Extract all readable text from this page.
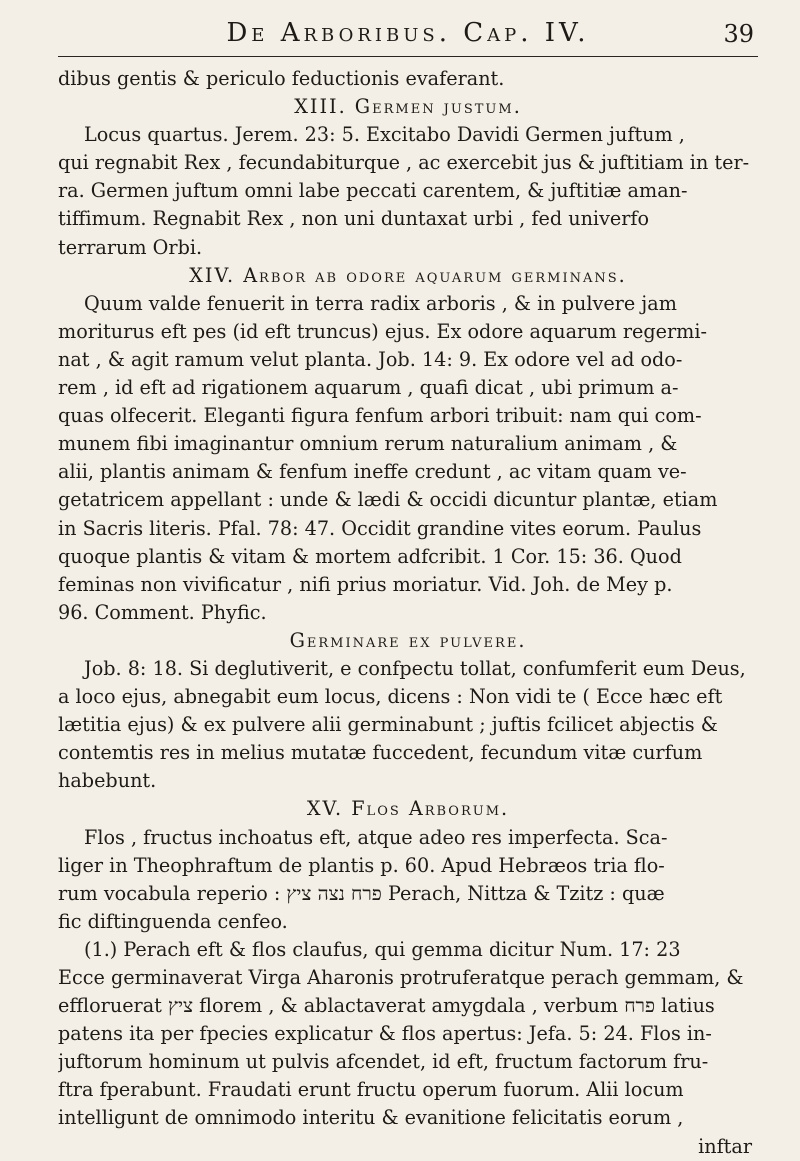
De Arboribus. Cap. IV.	39
dibus gentis & periculo feductionis evaferant.
XIII. Germen justum.
Locus quartus. Jerem. 23: 5. Excitabo Davidi Germen juftum ,
qui regnabit Rex , fecundabiturque , ac exercebit jus & juftitiam in ter-
ra. Germen juftum omni labe peccati carentem, & juftitiæ aman-
tiffimum. Regnabit Rex , non uni duntaxat urbi , fed univerfo
terrarum Orbi.
XIV. Arbor ab odore aquarum germinans.
Quum valde fenuerit in terra radix arboris , & in pulvere jam
moriturus eft pes (id eft truncus) ejus. Ex odore aquarum regermi-
nat , & agit ramum velut planta. Job. 14: 9. Ex odore vel ad odo-
rem , id eft ad rigationem aquarum , quafi dicat , ubi primum a-
quas olfecerit. Eleganti figura fenfum arbori tribuit: nam qui com-
munem fibi imaginantur omnium rerum naturalium animam , &
alii, plantis animam & fenfum ineffe credunt , ac vitam quam ve-
getatricem appellant : unde & lædi & occidi dicuntur plantæ, etiam
in Sacris literis. Pfal. 78: 47. Occidit grandine vites eorum. Paulus
quoque plantis & vitam & mortem adfcribit. 1 Cor. 15: 36. Quod
feminas non vivificatur , nifi prius moriatur. Vid. Joh. de Mey p.
96. Comment. Phyfic.
Germinare ex pulvere.
Job. 8: 18. Si deglutiverit, e confpectu tollat, confumferit eum Deus,
a loco ejus, abnegabit eum locus, dicens : Non vidi te ( Ecce hæc eft
lætitia ejus) & ex pulvere alii germinabunt ; juftis fcilicet abjectis &
contemtis res in melius mutatæ fuccedent, fecundum vitæ curfum
habebunt.
XV. Flos Arborum.
Flos , fructus inchoatus eft, atque adeo res imperfecta. Sca-
liger in Theophraftum de plantis p. 60. Apud Hebræos tria flo-
rum vocabula reperio : פרח נצה ציץ Perach, Nittza & Tzitz : quæ
fic diftinguenda cenfeo.
(1.) Perach eft & flos claufus, qui gemma dicitur Num. 17: 23
Ecce germinaverat Virga Aharonis protruferatque perach gemmam, &
effloruerat ציץ florem , & ablactaverat amygdala , verbum פרח latius
patens ita per fpecies explicatur & flos apertus: Jefa. 5: 24. Flos in-
juftorum hominum ut pulvis afcendet, id eft, fructum factorum fru-
ftra fperabunt. Fraudati erunt fructu operum fuorum. Alii locum
intelligunt de omnimodo interitu & evanitione felicitatis eorum ,
inftar
